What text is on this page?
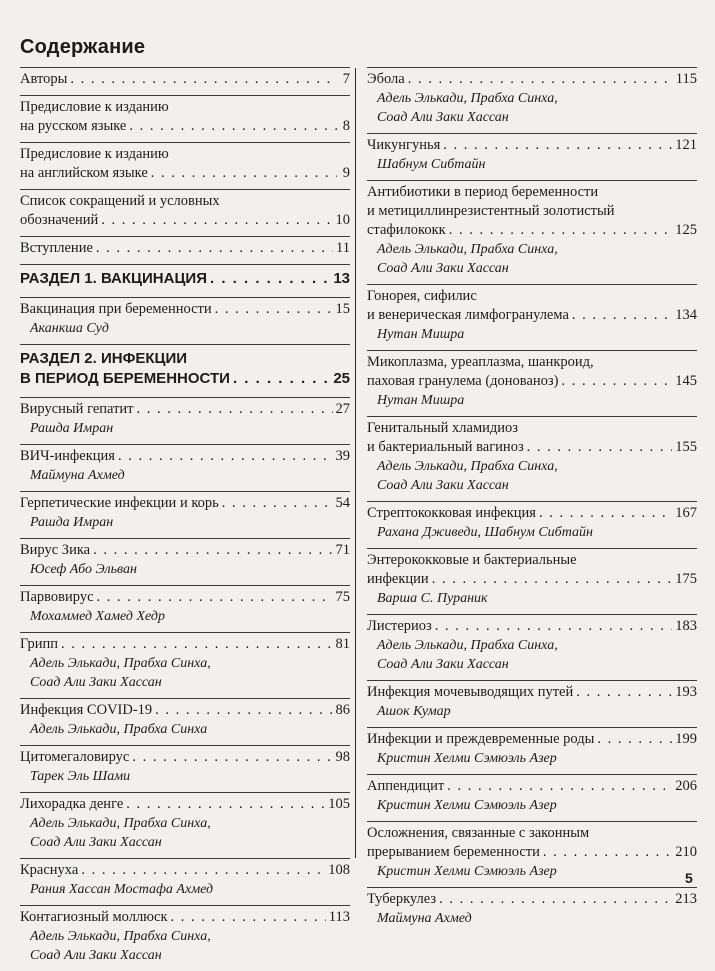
Содержание
Авторы . . .	7
Предисловие к изданию
на русском языке . . .	8
Предисловие к изданию
на английском языке . . .	9
Список сокращений и условных
обозначений . . .	10
Вступление . . .	11
РАЗДЕЛ 1. ВАКЦИНАЦИЯ . . .	13
Вакцинация при беременности . . .	15
Аканкша Суд
РАЗДЕЛ 2. ИНФЕКЦИИ
В ПЕРИОД БЕРЕМЕННОСТИ . . .	25
Вирусный гепатит . . .	27
Рашда Имран
ВИЧ-инфекция . . .	39
Маймуна Ахмед
Герпетические инфекции и корь . . .	54
Рашда Имран
Вирус Зика . . .	71
Юсеф Або Эльван
Парвовирус . . .	75
Мохаммед Хамед Хедр
Грипп . . .	81
Адель Элькади, Прабха Синха,
Соад Али Заки Хассан
Инфекция COVID-19 . . .	86
Адель Элькади, Прабха Синха
Цитомегаловирус . . .	98
Тарек Эль Шами
Лихорадка денге . . .	105
Адель Элькади, Прабха Синха,
Соад Али Заки Хассан
Краснуха . . .	108
Рания Хассан Мостафа Ахмед
Контагиозный моллюск . . .	113
Адель Элькади, Прабха Синха,
Соад Али Заки Хассан
Эбола . . .	115
Адель Элькади, Прабха Синха,
Соад Али Заки Хассан
Чикунгунья . . .	121
Шабнум Сибтайн
Антибиотики в период беременности
и метициллинрезистентный золотистый
стафилококк . . .	125
Адель Элькади, Прабха Синха,
Соад Али Заки Хассан
Гонорея, сифилис
и венерическая лимфогранулема . . .	134
Нутан Мишра
Микоплазма, уреаплазма, шанкроид,
паховая гранулема (донованоз) . . .	145
Нутан Мишра
Генитальный хламидиоз
и бактериальный вагиноз . . .	155
Адель Элькади, Прабха Синха,
Соад Али Заки Хассан
Стрептококковая инфекция . . .	167
Рахана Дживеди, Шабнум Сибтайн
Энтерококковые и бактериальные
инфекции . . .	175
Варша С. Пураник
Листериоз . . .	183
Адель Элькади, Прабха Синха,
Соад Али Заки Хассан
Инфекция мочевыводящих путей . . .	193
Ашок Кумар
Инфекции и преждевременные роды . . .	199
Кристин Хелми Сэмюэль Азер
Аппендицит . . .	206
Кристин Хелми Сэмюэль Азер
Осложнения, связанные с законным
прерыванием беременности . . .	210
Кристин Хелми Сэмюэль Азер
Туберкулез . . .	213
Маймуна Ахмед
5
